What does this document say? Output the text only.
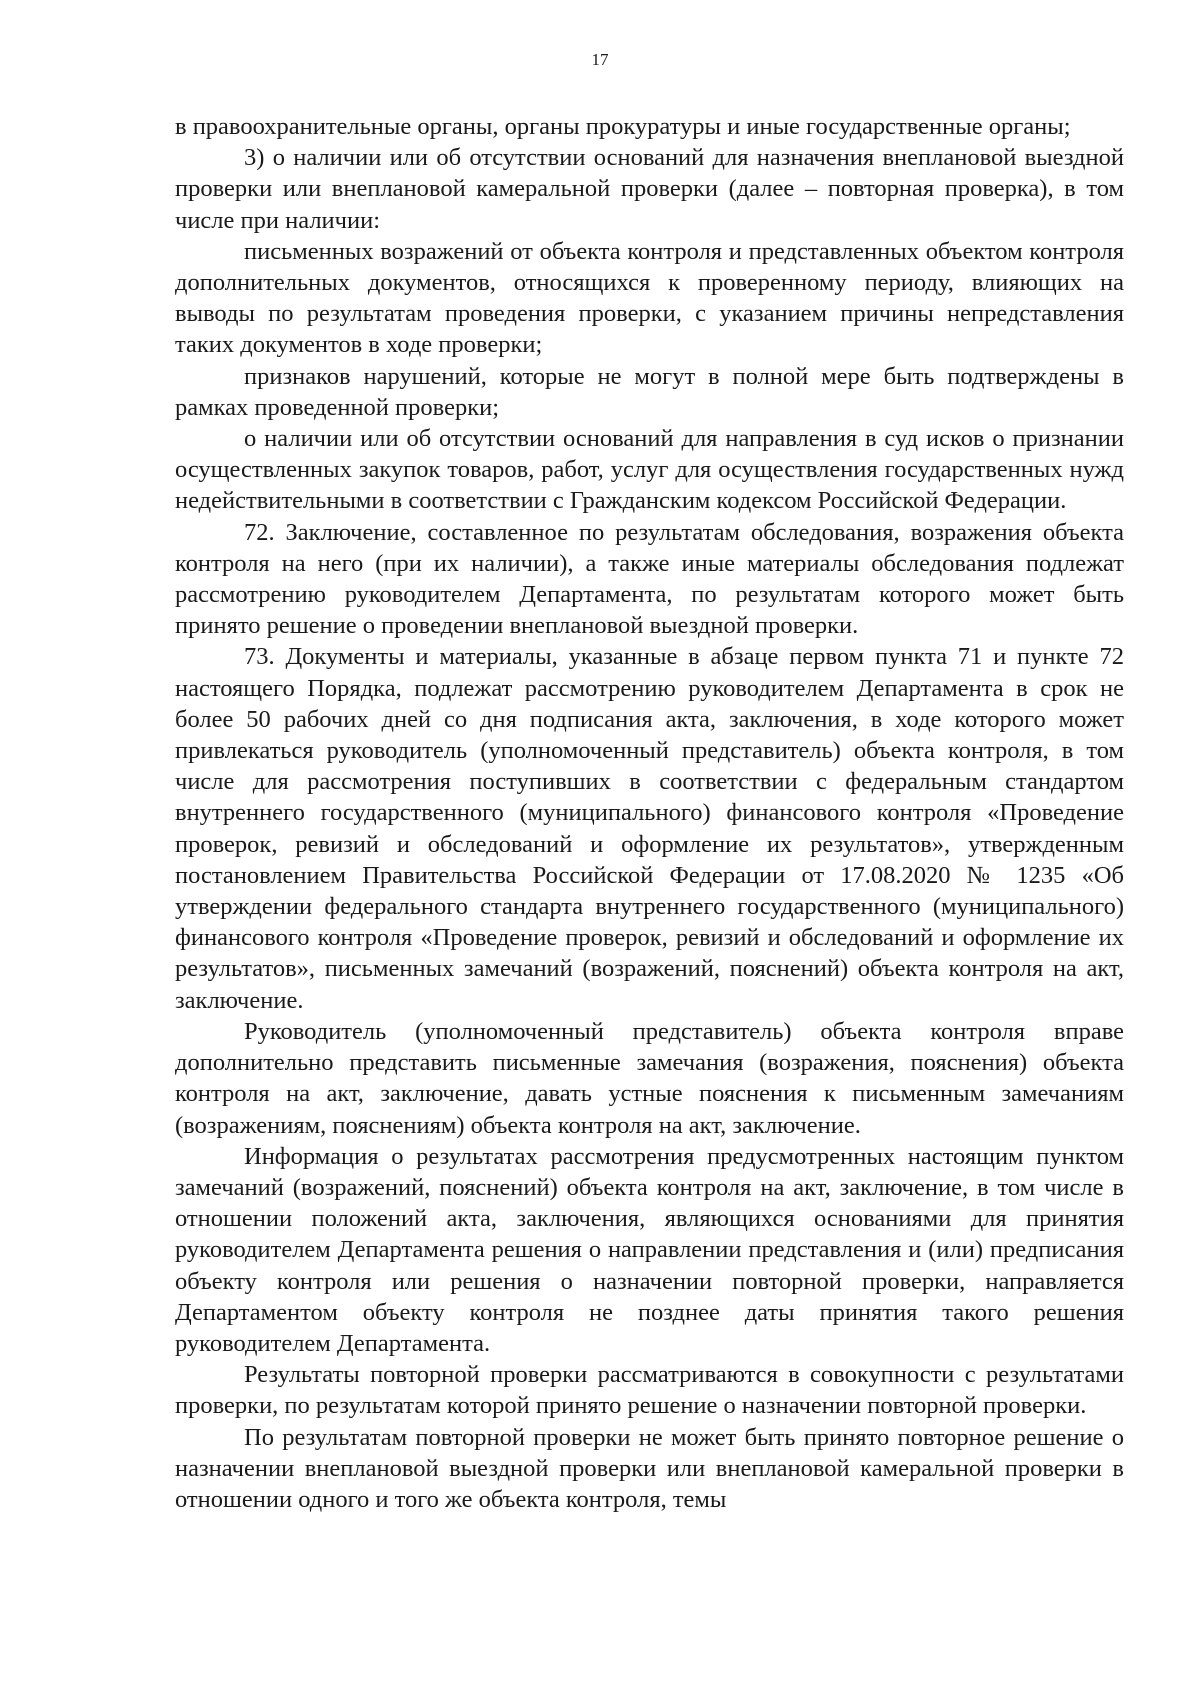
17

в правоохранительные органы, органы прокуратуры и иные государственные органы;

3) о наличии или об отсутствии оснований для назначения внеплановой выездной проверки или внеплановой камеральной проверки (далее – повторная проверка), в том числе при наличии:

письменных возражений от объекта контроля и представленных объектом контроля дополнительных документов, относящихся к проверенному периоду, влияющих на выводы по результатам проведения проверки, с указанием причины непредставления таких документов в ходе проверки;

признаков нарушений, которые не могут в полной мере быть подтверждены в рамках проведенной проверки;

о наличии или об отсутствии оснований для направления в суд исков о признании осуществленных закупок товаров, работ, услуг для осуществления государственных нужд недействительными в соответствии с Гражданским кодексом Российской Федерации.

72. Заключение, составленное по результатам обследования, возражения объекта контроля на него (при их наличии), а также иные материалы обследования подлежат рассмотрению руководителем Департамента, по результатам которого может быть принято решение о проведении внеплановой выездной проверки.

73. Документы и материалы, указанные в абзаце первом пункта 71 и пункте 72 настоящего Порядка, подлежат рассмотрению руководителем Департамента в срок не более 50 рабочих дней со дня подписания акта, заключения, в ходе которого может привлекаться руководитель (уполномоченный представитель) объекта контроля, в том числе для рассмотрения поступивших в соответствии с федеральным стандартом внутреннего государственного (муниципального) финансового контроля «Проведение проверок, ревизий и обследований и оформление их результатов», утвержденным постановлением Правительства Российской Федерации от 17.08.2020 № 1235 «Об утверждении федерального стандарта внутреннего государственного (муниципального) финансового контроля «Проведение проверок, ревизий и обследований и оформление их результатов», письменных замечаний (возражений, пояснений) объекта контроля на акт, заключение.

Руководитель (уполномоченный представитель) объекта контроля вправе дополнительно представить письменные замечания (возражения, пояснения) объекта контроля на акт, заключение, давать устные пояснения к письменным замечаниям (возражениям, пояснениям) объекта контроля на акт, заключение.

Информация о результатах рассмотрения предусмотренных настоящим пунктом замечаний (возражений, пояснений) объекта контроля на акт, заключение, в том числе в отношении положений акта, заключения, являющихся основаниями для принятия руководителем Департамента решения о направлении представления и (или) предписания объекту контроля или решения о назначении повторной проверки, направляется Департаментом объекту контроля не позднее даты принятия такого решения руководителем Департамента.

Результаты повторной проверки рассматриваются в совокупности с результатами проверки, по результатам которой принято решение о назначении повторной проверки.

По результатам повторной проверки не может быть принято повторное решение о назначении внеплановой выездной проверки или внеплановой камеральной проверки в отношении одного и того же объекта контроля, темы
